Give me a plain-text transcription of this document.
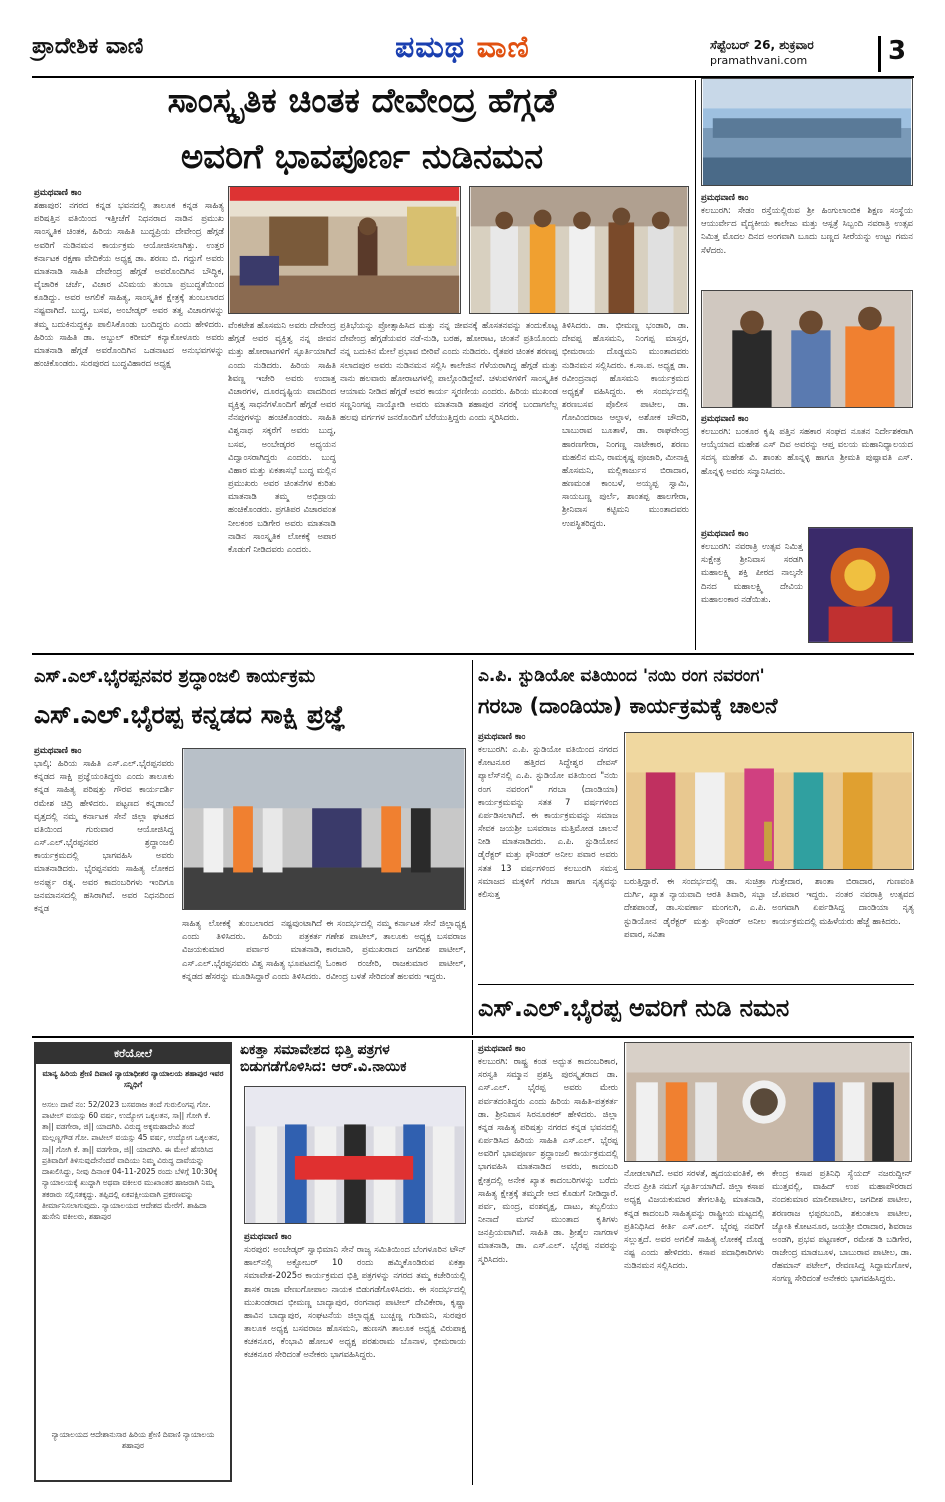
ಪ್ರಾದೇಶಿಕ ವಾಣಿ	ಪಮಥ ವಾಣಿ	ಸೆಪ್ಟೆಂಬರ್ 26, ಶುಕ್ರವಾರ
pramathvani.com	3
ಸಾಂಸ್ಕೃತಿಕ ಚಿಂತಕ ದೇವೇಂದ್ರ ಹೆಗ್ಗಡೆ
ಅವರಿಗೆ ಭಾವಪೂರ್ಣ ನುಡಿನಮನ
ಪ್ರಮಥವಾಣಿ ಕಾಂ
ಶಹಾಪುರ: ನಗರದ ಕನ್ನಡ ಭವನದಲ್ಲಿ ತಾಲೂಕ ಕನ್ನಡ ಸಾಹಿತ್ಯ ಪರಿಷತ್ತಿನ ವತಿಯಿಂದ ಇತ್ತೀಚೆಗೆ ನಿಧನರಾದ ನಾಡಿನ ಪ್ರಮುಖ ಸಾಂಸ್ಕೃತಿಕ ಚಿಂತಕ, ಹಿರಿಯ ಸಾಹಿತಿ ಬುದ್ಧಪ್ರಿಯ ದೇವೇಂದ್ರ ಹೆಗ್ಗಡೆ ಅವರಿಗೆ ನುಡಿನಮನ ಕಾರ್ಯಕ್ರಮ ಆಯೋಜಿಸಲಾಗಿತ್ತು. ಉತ್ತರ ಕರ್ನಾಟಕ ರಕ್ಷಣಾ ವೇದಿಕೆಯ ಅಧ್ಯಕ್ಷ ಡಾ. ಶರಣು ಬಿ. ಗದ್ದುಗೆ ಅವರು ಮಾತನಾಡಿ ಸಾಹಿತಿ ದೇವೇಂದ್ರ ಹೆಗ್ಗಡೆ ಅವರೊಂದಿಗಿನ ಬೌದ್ಧಿಕ, ವೈಚಾರಿಕ ಚರ್ಚೆ, ವಿಚಾರ ವಿನಿಮಯ ತುಂಬಾ ಪ್ರಬುದ್ಧತೆಯಿಂದ ಕೂಡಿದ್ದು. ಅವರ ಅಗಲಿಕೆ ಸಾಹಿತ್ಯ, ಸಾಂಸ್ಕೃತಿಕ ಕ್ಷೇತ್ರಕ್ಕೆ ತುಂಬಲಾರದ ನಷ್ಟವಾಗಿದೆ. ಬುದ್ಧ, ಬಸವ, ಅಂಬೇಡ್ಕರ್ ಅವರ ತತ್ವ ವಿಚಾರಗಳನ್ನು ತಮ್ಮ ಬದುಕಿನುದ್ದಕ್ಕೂ ಪಾಲಿಸಿಕೊಂಡು ಬಂದಿದ್ದರು ಎಂದು ಹೇಳಿದರು. ಹಿರಿಯ ಸಾಹಿತಿ ಡಾ. ಅಬ್ದುಲ್ ಕರೀಮ್ ಕನ್ಯಾಕೋಳೂರು ಅವರು ಮಾತನಾಡಿ ಹೆಗ್ಗಡೆ ಅವರೊಂದಿಗಿನ ಒಡನಾಟದ ಅನುಭವಗಳನ್ನು ಹಂಚಿಕೊಂಡರು. ಸುರಪುರದ ಬುದ್ಧವಿಹಾರದ ಅಧ್ಯಕ್ಷ
ವೆಂಕಟೇಶ ಹೊಸಮನಿ ಅವರು ದೇವೇಂದ್ರ ಹೆಗ್ಗಡೆ ಅವರ ವ್ಯಕ್ತಿತ್ವ ನನ್ನ ಜೀವನ ಮತ್ತು ಹೋರಾಟಗಳಿಗೆ ಸ್ಫೂರ್ತಿಯಾಗಿದೆ ಎಂದು ನುಡಿದರು. ಹಿರಿಯ ಸಾಹಿತಿ ಶಿವಣ್ಣ ಇಜೇರಿ ಅವರು ಉದಾತ್ತ ವಿಚಾರಗಳ, ದೂರದೃಷ್ಟಿಯ ವಾದದಿಂದ ವ್ಯಕ್ತಿತ್ವ ಸಾಧನೆಗಳೊಂದಿಗೆ ಹೆಗ್ಗಡೆ ಅವರ ನೆನಪುಗಳನ್ನು ಹಂಚಿಕೊಂಡರು. ಸಾಹಿತಿ ವಿಶ್ವನಾಥ ಸಕ್ಕರೆಗೆ ಅವರು ಬುದ್ಧ, ಬಸವ, ಅಂಬೇಡ್ಕರರ ಅಧ್ಯಯನ ವಿದ್ವಾಂಸರಾಗಿದ್ದರು ಎಂದರು. ಬುದ್ಧ ವಿಹಾರ ಮತ್ತು ಏಕತಾಸಭೆ ಬುದ್ಧ ಮಲ್ಲಿನ ಪ್ರಮುಖರು ಅವರ ಚಿಂತನೆಗಳ ಕುರಿತು ಮಾತನಾಡಿ ತಮ್ಮ ಅಭಿಪ್ರಾಯ ಹಂಚಿಕೊಂಡರು. ಪ್ರಗತಿಪರ ವಿಚಾರವಂತ ನೀಲಕಂಠ ಬಡಿಗೇರ ಅವರು ಮಾತನಾಡಿ ನಾಡಿನ ಸಾಂಸ್ಕೃತಿಕ ಲೋಕಕ್ಕೆ ಅಪಾರ ಕೊಡುಗೆ ನೀಡಿದವರು ಎಂದರು.
ಪ್ರತಿಭೆಯನ್ನು ಪ್ರೋತ್ಸಾಹಿಸಿದ ಮತ್ತು ನನ್ನ ಜೀವನಕ್ಕೆ ಹೊಸತನವನ್ನು ತಂದುಕೊಟ್ಟ ದೇವೇಂದ್ರ ಹೆಗ್ಗಡೆಯವರ ನಡೆ-ನುಡಿ, ಬರಹ, ಹೋರಾಟ, ಚಿಂತನೆ ಪ್ರತಿಯೊಂದು ನನ್ನ ಬದುಕಿನ ಮೇಲೆ ಪ್ರಭಾವ ಬೀರಿವೆ ಎಂದು ನುಡಿದರು. ರೈತಪರ ಚಿಂತಕ ಶರಣಪ್ಪ ಸಲಾದಪುರ ಅವರು ನುಡಿನಮನ ಸಲ್ಲಿಸಿ ಕಾಲೇಜಿನ ಗೆಳೆಯರಾಗಿದ್ದ ಹೆಗ್ಗಡೆ ಮತ್ತು ನಾನು ಹಲವಾರು ಹೋರಾಟಗಳಲ್ಲಿ ಪಾಲ್ಗೊಂಡಿದ್ದೇವೆ. ಚಳುವಳಿಗಳಿಗೆ ಸಾಂಸ್ಕೃತಿಕ ಆಯಾಮ ನೀಡಿದ ಹೆಗ್ಗಡೆ ಅವರ ಕಾರ್ಯ ಸ್ಮರಣೀಯ ಎಂದರು. ಹಿರಿಯ ಮುಖಂಡ ಸಣ್ಣನಿಂಗಪ್ಪ ನಾಯ್ಕೋಡಿ ಅವರು ಮಾತನಾಡಿ ಶಹಾಪುರ ನಗರಕ್ಕೆ ಬಂದಾಗಲೆಲ್ಲ ಹಲವು ವರ್ಗಗಳ ಜನರೊಂದಿಗೆ ಬೆರೆಯುತ್ತಿದ್ದರು ಎಂದು ಸ್ಮರಿಸಿದರು.
ತಿಳಿಸಿದರು. ಡಾ. ಭೀಮಣ್ಣ ಭಂಡಾರಿ, ಡಾ. ದೇವಪ್ಪ ಹೊಸಮನಿ, ನಿಂಗಪ್ಪ ಮಾಸ್ತರ, ಭೀಮರಾಯ ದೊಡ್ಡಮನಿ ಮುಂತಾದವರು ನುಡಿನಮನ ಸಲ್ಲಿಸಿದರು. ಕ.ಸಾ.ಪ. ಅಧ್ಯಕ್ಷ ಡಾ. ರವೀಂದ್ರನಾಥ ಹೊಸಮನಿ ಕಾರ್ಯಕ್ರಮದ ಅಧ್ಯಕ್ಷತೆ ವಹಿಸಿದ್ದರು. ಈ ಸಂದರ್ಭದಲ್ಲಿ ಶರಣಬಸವ ಪೊಲೀಸ ಪಾಟೀಲ, ಡಾ. ಗೋವಿಂದರಾಜ ಆಲ್ದಾಳ, ಅಶೋಕ ಚೌದರಿ, ಬಾಬುರಾವ ಬೂತಾಳೆ, ಡಾ. ರಾಘವೇಂದ್ರ ಹಾರಣಗೇರಾ, ನಿಂಗಣ್ಣ ನಾಟೇಕಾರ, ಶರಣು ಮಹಲಿನ ಮನಿ, ರಾಮಕೃಷ್ಣ ಪೂಜಾರಿ, ಮೀನಾಕ್ಷಿ ಹೊಸಮನಿ, ಮಲ್ಲಿಕಾರ್ಜುನ ಬಿರಾದಾರ, ಹಣಮಂತ ಕಾಂಬಳೆ, ಅಯ್ಯಪ್ಪ ಸ್ವಾಮಿ, ಸಾಯಬಣ್ಣ ಪುರ್ಲೆ, ಶಾಂತಪ್ಪ ಹಾಲಗೇರಾ, ಶ್ರೀನಿವಾಸ ಕಟ್ಟಿಮನಿ ಮುಂತಾದವರು ಉಪಸ್ಥಿತರಿದ್ದರು.
ಪ್ರಮಥವಾಣಿ ಕಾಂ
ಕಲಬುರಗಿ: ಸೇಡಂ ರಸ್ತೆಯಲ್ಲಿರುವ ಶ್ರೀ ಹಿಂಗುಲಾಂಬಿಕ ಶಿಕ್ಷಣ ಸಂಸ್ಥೆಯ ಆಯುರ್ವೇದ ವೈದ್ಯಕೀಯ ಕಾಲೇಜು ಮತ್ತು ಆಸ್ಪತ್ರೆ ಸಿಬ್ಬಂದಿ ನವರಾತ್ರಿ ಉತ್ಸವ ನಿಮಿತ್ತ ಮೊದಲ ದಿನದ ಅಂಗವಾಗಿ ಬೂದು ಬಣ್ಣದ ಸೀರೆಯನ್ನು ಉಟ್ಟು ಗಮನ ಸೆಳೆದರು.
ಪ್ರಮಥವಾಣಿ ಕಾಂ
ಕಲಬುರಗಿ: ಬಂಕೂರ ಕೃಷಿ ಪತ್ತಿನ ಸಹಕಾರ ಸಂಘದ ನೂತನ ನಿರ್ದೇಶಕರಾಗಿ ಆಯ್ಕೆಯಾದ ಮಹೇಶ ಎಸ್ ದಿವ ಅವರನ್ನು ಆಪ್ತ ವಲಯ ಮಹಾನಿಧ್ಯಾಲಯದ ಸದಸ್ಯ ಮಹೇಶ ವಿ. ಶಾಂತು ಹೊನ್ನಳ್ಳಿ ಹಾಗೂ ಶ್ರೀಮತಿ ಪುಷ್ಪಾವತಿ ಎಸ್. ಹೊನ್ನಳ್ಳಿ ಅವರು ಸನ್ಮಾನಿಸಿದರು.
ಪ್ರಮಥವಾಣಿ ಕಾಂ
ಕಲಬುರಗಿ: ನವರಾತ್ರಿ ಉತ್ಸವ ನಿಮಿತ್ತ ಸುಕ್ಷೇತ್ರ ಶ್ರೀನಿವಾಸ ಸರಡಗಿ ಮಹಾಲಕ್ಷ್ಮಿ ಶಕ್ತಿ ಪೀಠದ ನಾಲ್ಕನೇ ದಿನದ ಮಹಾಲಕ್ಷ್ಮಿ ದೇವಿಯ ಮಹಾಲಂಕಾರ ನಡೆಯಿತು.
ಎಸ್.ಎಲ್.ಭೈರಪ್ಪನವರ ಶ್ರದ್ಧಾಂಜಲಿ ಕಾರ್ಯಕ್ರಮ
ಎಸ್.ಎಲ್.ಭೈರಪ್ಪ ಕನ್ನಡದ ಸಾಕ್ಷಿ ಪ್ರಜ್ಞೆ
ಪ್ರಮಥವಾಣಿ ಕಾಂ
ಭಾಲ್ಕಿ: ಹಿರಿಯ ಸಾಹಿತಿ ಎಸ್.ಎಲ್.ಭೈರಪ್ಪನವರು ಕನ್ನಡದ ಸಾಕ್ಷಿ ಪ್ರಜ್ಞೆಯಂತಿದ್ದರು ಎಂದು ತಾಲೂಕು ಕನ್ನಡ ಸಾಹಿತ್ಯ ಪರಿಷತ್ತು ಗೌರವ ಕಾರ್ಯದರ್ಶಿ ರಮೇಶ ಚಿದ್ರಿ ಹೇಳಿದರು. ಪಟ್ಟಣದ ಕನ್ನಡಾಂಬೆ ವೃತ್ತದಲ್ಲಿ ನಮ್ಮ ಕರ್ನಾಟಕ ಸೇನೆ ಜಿಲ್ಲಾ ಘಟಕದ ವತಿಯಿಂದ ಗುರುವಾರ ಆಯೋಜಿಸಿದ್ದ ಎಸ್.ಎಲ್.ಭೈರಪ್ಪನವರ ಶ್ರದ್ಧಾಂಜಲಿ ಕಾರ್ಯಕ್ರಮದಲ್ಲಿ ಭಾಗವಹಿಸಿ ಅವರು ಮಾತನಾಡಿದರು. ಭೈರಪ್ಪನವರು ಸಾಹಿತ್ಯ ಲೋಕದ ಅನರ್ಘ್ಯ ರತ್ನ. ಅವರ ಕಾದಂಬರಿಗಳು ಇಂದಿಗೂ ಜನಮಾನಸದಲ್ಲಿ ಹಸಿರಾಗಿವೆ. ಅವರ ನಿಧನದಿಂದ ಕನ್ನಡ
ಸಾಹಿತ್ಯ ಲೋಕಕ್ಕೆ ತುಂಬಲಾರದ ನಷ್ಟವುಂಟಾಗಿದೆ ಎಂದು ತಿಳಿಸಿದರು. ಹಿರಿಯ ಪತ್ರಕರ್ತ ವಿಜಯಕುಮಾರ ಪರ್ವಾರ ಮಾತನಾಡಿ, ಎಸ್.ಎಲ್.ಭೈರಪ್ಪನವರು ವಿಶ್ವ ಸಾಹಿತ್ಯ ಭೂಪಟದಲ್ಲಿ ಕನ್ನಡದ ಹೆಸರನ್ನು ಮೂಡಿಸಿದ್ದಾರೆ ಎಂದು ತಿಳಿಸಿದರು.
ಈ ಸಂದರ್ಭದಲ್ಲಿ ನಮ್ಮ ಕರ್ನಾಟಕ ಸೇನೆ ಜಿಲ್ಲಾಧ್ಯಕ್ಷ ಗಣೇಶ ಪಾಟೀಲ್, ತಾಲೂಕು ಅಧ್ಯಕ್ಷ ಬಸವರಾಜ ಕಾರಬಾರಿ, ಪ್ರಮುಖರಾದ ಜಗದೀಶ ಪಾಟೀಲ್, ಓಂಕಾರ ರಂಜೇರಿ, ರಾಜಕುಮಾರ ಪಾಟೀಲ್, ರವೀಂದ್ರ ಬಳತೆ ಸೇರಿದಂತೆ ಹಲವರು ಇದ್ದರು.
ಎ.ಪಿ. ಸ್ಟುಡಿಯೋ ವತಿಯಿಂದ 'ನಯಿ ರಂಗ ನವರಂಗ'
ಗರಬಾ (ದಾಂಡಿಯಾ) ಕಾರ್ಯಕ್ರಮಕ್ಕೆ ಚಾಲನೆ
ಪ್ರಮಥವಾಣಿ ಕಾಂ
ಕಲಬುರಗಿ: ಎ.ಪಿ. ಸ್ಟುಡಿಯೋ ವತಿಯಿಂದ ನಗರದ ಕೋಟನೂರ ಹತ್ತಿರದ ಸಿದ್ಧೇಶ್ವರ ದೇವಸ್ ಪ್ಯಾಲೆಸ್‌ನಲ್ಲಿ ಎ.ಪಿ. ಸ್ಟುಡಿಯೋ ವತಿಯಿಂದ "ನಯಿ ರಂಗ ನವರಂಗ" ಗರಬಾ (ದಾಂಡಿಯಾ) ಕಾರ್ಯಕ್ರಮವನ್ನು ಸತತ 7 ವರ್ಷಗಳಿಂದ ಏರ್ಪಡಿಸಲಾಗಿದೆ. ಈ ಕಾರ್ಯಕ್ರಮವನ್ನು ಸಮಾಜ ಸೇವಕ ಜಯಶ್ರೀ ಬಸವರಾಜ ಮತ್ತಿಮೋಡ ಚಾಲನೆ ನೀಡಿ ಮಾತನಾಡಿದರು. ಎ.ಪಿ. ಸ್ಟುಡಿಯೋನ ಡೈರೆಕ್ಟರ್ ಮತ್ತು ಫೌಂಡರ್ ಅನೀಲ ಪವಾರ ಅವರು ಸತತ 13 ವರ್ಷಗಳಿಂದ ಕಲಬುರಗಿ ಸಮಸ್ತ ಸಮಾಜದ ಮಕ್ಕಳಿಗೆ ಗರಬಾ ಹಾಗೂ ನೃತ್ಯವನ್ನು ಕಲಿಸುತ್ತ
ಬರುತ್ತಿದ್ದಾರೆ. ಈ ಸಂದರ್ಭದಲ್ಲಿ ಡಾ. ಸುಚಿತ್ರಾ ದುರ್ಗಿ, ಖ್ಯಾತ ನ್ಯಾಯವಾದಿ ಆರತಿ ತಿವಾರಿ, ಸಬ್ಬಾ ದೇಶಪಾಂಡೆ, ಡಾ.ಸುವರ್ಣಾ ಮಂಗಲಗಿ, ಎ.ಪಿ. ಸ್ಟುಡಿಯೋನ ಡೈರೆಕ್ಟರ್ ಮತ್ತು ಫೌಂಡರ್ ಅನೀಲ ಪವಾರ, ಸವಿತಾ
ಗುತ್ತೇದಾರ, ಶಾಂತಾ ಬಿರಾದಾರ, ಗುಣವಂತಿ ಜೆ.ಪವಾರ ಇದ್ದರು. ನಂತರ ನವರಾತ್ರಿ ಉತ್ಸವದ ಅಂಗವಾಗಿ ಏರ್ಪಡಿಸಿದ್ದ ದಾಂಡಿಯಾ ನೃತ್ಯ ಕಾರ್ಯಕ್ರಮದಲ್ಲಿ ಮಹಿಳೆಯರು ಹೆಜ್ಜೆ ಹಾಕಿದರು.
ಎಸ್.ಎಲ್.ಭೈರಪ್ಪ ಅವರಿಗೆ ನುಡಿ ನಮನ
ಕರೆಯೋಲೆ
ಮಾನ್ಯ ಹಿರಿಯ ಶ್ರೇಣಿ ದಿವಾಣಿ ನ್ಯಾಯಾಧೀಶರ ನ್ಯಾಯಾಲಯ ಶಹಾಪುರ ಇವರ ಸನ್ನಿಧಿಗೆ
ಅಸಲು ದಾವೆ ನಂ: 52/2023 ಬಸವರಾಜ ತಂದೆ ಗುರುಲಿಂಗಪ್ಪ ಗೋ. ಪಾಟೀಲ್ ವಯಸ್ಸು 60 ವರ್ಷ, ಉದ್ಯೋಗ ಒಕ್ಕಲತನ, ಸಾ|| ಗೋಗಿ ಕೆ. ತಾ|| ವಡಗೇರಾ, ಜಿ|| ಯಾದಗಿರಿ. ವಿರುದ್ಧ ಅಕ್ಕಮಹಾದೇವಿ ತಂದೆ ಮಲ್ಲಣ್ಣಗೌಡ ಗೋ. ಪಾಟೀಲ್ ವಯಸ್ಸು 45 ವರ್ಷ, ಉದ್ಯೋಗ ಒಕ್ಕಲತನ, ಸಾ|| ಗೋಗಿ ಕೆ. ತಾ|| ವಡಗೇರಾ, ಜಿ|| ಯಾದಗಿರಿ. ಈ ಮೇಲೆ ಹೆಸರಿಸಿದ ಪ್ರತಿವಾದಿಗೆ ತಿಳಿಸುವುದೇನೆಂದರೆ ವಾದಿಯು ನಿಮ್ಮ ವಿರುದ್ಧ ದಾವೆಯನ್ನು ದಾಖಲಿಸಿದ್ದು, ನೀವು ದಿನಾಂಕ 04-11-2025 ರಂದು ಬೆಳಿಗ್ಗೆ 10:30ಕ್ಕೆ ನ್ಯಾಯಾಲಯಕ್ಕೆ ಖುದ್ದಾಗಿ ಅಥವಾ ವಕೀಲರ ಮುಖಾಂತರ ಹಾಜರಾಗಿ ನಿಮ್ಮ ತಕರಾರು ಸಲ್ಲಿಸತಕ್ಕದ್ದು. ತಪ್ಪಿದಲ್ಲಿ ಏಕಪಕ್ಷೀಯವಾಗಿ ಪ್ರಕರಣವನ್ನು ತೀರ್ಮಾನಿಸಲಾಗುವುದು. ನ್ಯಾಯಾಲಯದ ಆದೇಶದ ಮೇರೆಗೆ. ಶಾಹಿದಾ ಹುಸೇನಿ ವಕೀಲರು, ಶಹಾಪುರ
ನ್ಯಾಯಾಲಯದ ಆದೇಶಾನುಸಾರ ಹಿರಿಯ ಶ್ರೇಣಿ ದಿವಾಣಿ ನ್ಯಾಯಾಲಯ ಶಹಾಪುರ
ಏಕತ್ತಾ ಸಮಾವೇಶದ ಭಿತ್ತಿ ಪತ್ರಗಳ ಬಿಡುಗಡೆಗೊಳಿಸಿದ: ಆರ್.ವಿ.ನಾಯಿಕ
ಪ್ರಮಥವಾಣಿ ಕಾಂ
ಸುರಪುರ: ಅಂಬೇಡ್ಕರ್ ಸ್ವಾಭಿಮಾನಿ ಸೇನೆ ರಾಜ್ಯ ಸಮಿತಿಯಿಂದ ಬೆಂಗಳೂರಿನ ಟೌನ್ ಹಾಲ್‌ನಲ್ಲಿ ಅಕ್ಟೋಬರ್ 10 ರಂದು ಹಮ್ಮಿಕೊಂಡಿರುವ ಏಕತ್ತಾ ಸಮಾವೇಶ-2025ರ ಕಾರ್ಯಕ್ರಮದ ಭಿತ್ತಿ ಪತ್ರಗಳನ್ನು ನಗರದ ತಮ್ಮ ಕಚೇರಿಯಲ್ಲಿ ಶಾಸಕ ರಾಜಾ ವೇಣುಗೋಪಾಲ ನಾಯಕ ಬಿಡುಗಡೆಗೊಳಿಸಿದರು. ಈ ಸಂದರ್ಭದಲ್ಲಿ ಮುಖಂಡರಾದ ಭೀಮಣ್ಣ ಬಾದ್ಯಾಪುರ, ರಂಗನಾಥ ಪಾಟೀಲ್ ದೇವಿಕೇರಾ, ಕೃಷ್ಣಾ ಹಾವಿನ ಬಾದ್ಯಾಪುರ, ಸಂಘಟನೆಯ ಜಿಲ್ಲಾಧ್ಯಕ್ಷ ಬುಚ್ಚಣ್ಣ ಗುಡಿಮನಿ, ಸುರಪುರ ತಾಲೂಕ ಅಧ್ಯಕ್ಷ ಬಸವರಾಜ ಹೊಸಮನಿ, ಹುಣಸಗಿ ತಾಲೂಕ ಅಧ್ಯಕ್ಷ ವಿರುಪಾಕ್ಷ ಕಚಕನೂರ, ಕೆಂಭಾವಿ ಹೋಬಳಿ ಅಧ್ಯಕ್ಷ ಪರಶುರಾಮ ಬೊನಾಳ, ಭೀಮರಾಯ ಕಚಕನೂರ ಸೇರಿದಂತೆ ಅನೇಕರು ಭಾಗವಹಿಸಿದ್ದರು.
ಪ್ರಮಥವಾಣಿ ಕಾಂ
ಕಲಬುರಗಿ: ರಾಷ್ಟ್ರ ಕಂಡ ಅದ್ಭುತ ಕಾದಂಬರಿಕಾರ, ಸರಸ್ವತಿ ಸಮ್ಮಾನ ಪ್ರಶಸ್ತಿ ಪುರಸ್ಕೃತರಾದ ಡಾ. ಎಸ್.ಎಲ್. ಭೈರಪ್ಪ ಅವರು ಮೇರು ಪರ್ವತದಂತಿದ್ದರು ಎಂದು ಹಿರಿಯ ಸಾಹಿತಿ-ಪತ್ರಕರ್ತ ಡಾ. ಶ್ರೀನಿವಾಸ ಸಿರನೂರಕರ್ ಹೇಳಿದರು. ಜಿಲ್ಲಾ ಕನ್ನಡ ಸಾಹಿತ್ಯ ಪರಿಷತ್ತು ನಗರದ ಕನ್ನಡ ಭವನದಲ್ಲಿ ಏರ್ಪಡಿಸಿದ ಹಿರಿಯ ಸಾಹಿತಿ ಎಸ್.ಎಲ್. ಭೈರಪ್ಪ ಅವರಿಗೆ ಭಾವಪೂರ್ಣ ಶ್ರದ್ಧಾಂಜಲಿ ಕಾರ್ಯಕ್ರಮದಲ್ಲಿ ಭಾಗವಹಿಸಿ ಮಾತನಾಡಿದ ಅವರು, ಕಾದಂಬರಿ ಕ್ಷೇತ್ರದಲ್ಲಿ ಅನೇಕ ಖ್ಯಾತ ಕಾದಂಬರಿಗಳನ್ನು ಬರೆದು ಸಾಹಿತ್ಯ ಕ್ಷೇತ್ರಕ್ಕೆ ತಮ್ಮದೇ ಆದ ಕೊಡುಗೆ ನೀಡಿದ್ದಾರೆ. ಪರ್ವ, ಮಂದ್ರ, ವಂಶವೃಕ್ಷ, ದಾಟು, ತಬ್ಬಲಿಯು ನೀನಾದೆ ಮಗನೆ ಮುಂತಾದ ಕೃತಿಗಳು ಜನಪ್ರಿಯವಾಗಿವೆ. ಸಾಹಿತಿ ಡಾ. ಶ್ರೀಶೈಲ ನಾಗರಾಳ ಮಾತನಾಡಿ, ಡಾ. ಎಸ್.ಎಲ್. ಭೈರಪ್ಪ ನವರನ್ನು ಸ್ಮರಿಸಿದರು.
ನೋಡಲಾಗಿದೆ. ಅವರ ಸರಳತೆ, ಹೃದಯವಂತಿಕೆ, ಈ ನೆಲದ ಪ್ರೀತಿ ನಮಗೆ ಸ್ಫೂರ್ತಿಯಾಗಿದೆ. ಜಿಲ್ಲಾ ಕಸಾಪ ಅಧ್ಯಕ್ಷ ವಿಜಯಕುಮಾರ ತೇಗಲತಿಪ್ಪಿ ಮಾತನಾಡಿ, ಕನ್ನಡ ಕಾದಂಬರಿ ಸಾಹಿತ್ಯವನ್ನು ರಾಷ್ಟ್ರೀಯ ಮಟ್ಟದಲ್ಲಿ ಪ್ರತಿನಿಧಿಸಿದ ಕೀರ್ತಿ ಎಸ್.ಎಲ್. ಭೈರಪ್ಪ ನವರಿಗೆ ಸಲ್ಲುತ್ತದೆ. ಅವರ ಅಗಲಿಕೆ ಸಾಹಿತ್ಯ ಲೋಕಕ್ಕೆ ದೊಡ್ಡ ನಷ್ಟ ಎಂದು ಹೇಳಿದರು. ಕಸಾಪ ಪದಾಧಿಕಾರಿಗಳು ನುಡಿನಮನ ಸಲ್ಲಿಸಿದರು.
ಕೇಂದ್ರ ಕಸಾಪ ಪ್ರತಿನಿಧಿ ಸ್ಯೆಯದ್ ನಜರುದ್ದೀನ್ ಮುತ್ತವಲ್ಲಿ, ವಾಹಿದ್ ಉಪ ಮಹಾಪೌರರಾದ ನಂದಕುಮಾರ ಮಾಲೀಪಾಟೀಲ, ಜಗದೀಶ ಪಾಟೀಲ, ಶರಣರಾಜ ಛಪ್ಪರಬಂದಿ, ಶಕುಂತಲಾ ಪಾಟೀಲ, ಜ್ಯೋತಿ ಕೋಟನೂರ, ಜಯಶ್ರೀ ಬಿರಾದಾರ, ಶಿವರಾಜ ಅಂಡಗಿ, ಪ್ರಭವ ಪಟ್ಟಣಕರ್, ರಮೇಶ ಡಿ ಬಡಿಗೇರ, ರಾಜೇಂದ್ರ ಮಾಡಬೂಳ, ಬಾಬುರಾವ ಪಾಟೀಲ, ಡಾ. ರೆಹಮಾನ್ ಪಟೇಲ್, ರೇವಣಸಿದ್ದ ಸಿದ್ದಾಮಗೋಳ, ಸಂಗಣ್ಣ ಸೇರಿದಂತೆ ಅನೇಕರು ಭಾಗವಹಿಸಿದ್ದರು.
